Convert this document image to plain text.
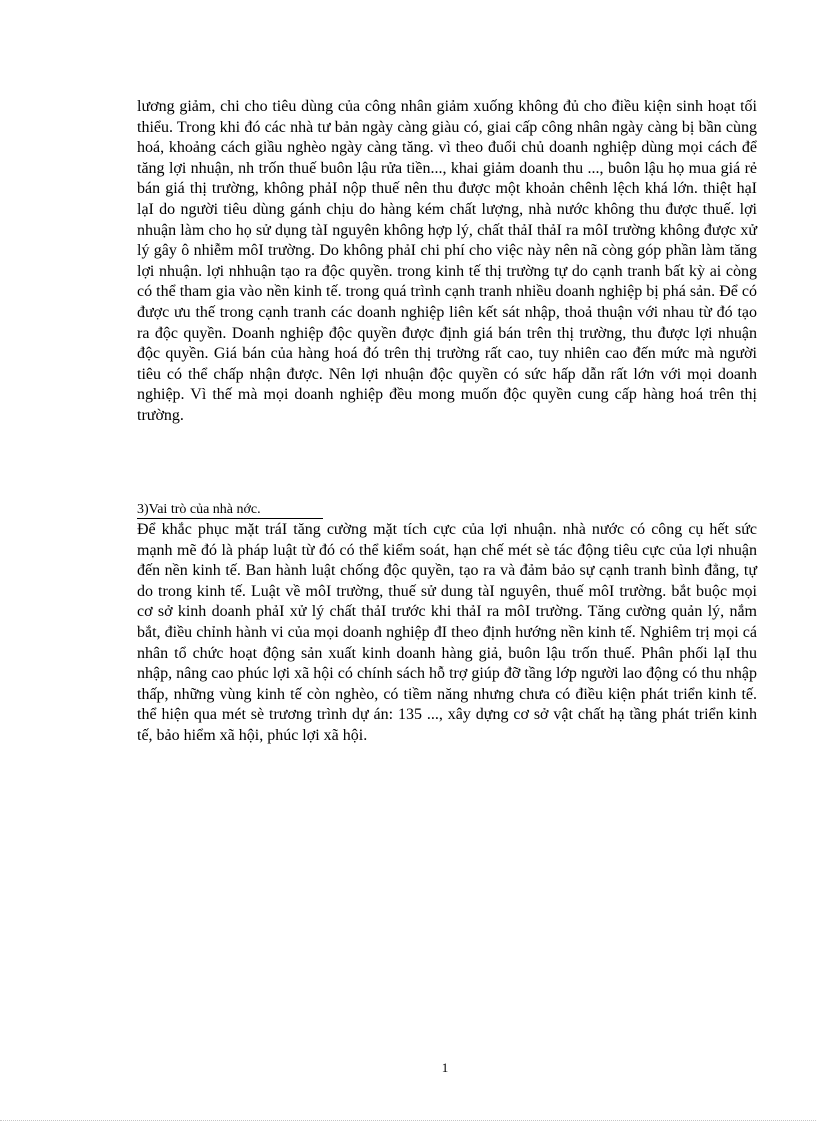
lương giảm, chi cho tiêu dùng của công nhân giảm xuống không đủ cho điều kiện sinh hoạt tối thiểu. Trong khi đó các nhà tư bản ngày càng giàu có, giai cấp công nhân ngày càng bị bần cùng hoá, khoảng cách giầu nghèo ngày càng tăng. vì theo đuổi chủ doanh nghiệp dùng mọi cách để tăng lợi nhuận, nh trốn thuế buôn lậu rửa tiền..., khai giảm doanh thu ..., buôn lậu họ mua giá rẻ bán giá thị trường, không phảI nộp thuế nên thu được một khoản chênh lệch khá lớn. thiệt hạI lạI do người tiêu dùng gánh chịu do hàng kém chất lượng, nhà nước không thu được thuế. lợi nhuận làm cho họ sử dụng tàI nguyên không hợp lý, chất thảI thảI ra môI trường không được xử lý gây ô nhiễm môI trường. Do không phảI chi phí cho việc này nên nã còng góp phần làm tăng lợi nhuận. lợi nhhuận tạo ra độc quyền. trong kinh tế thị trường tự do cạnh tranh bất kỳ ai còng có thể tham gia vào nền kinh tế. trong quá trình cạnh tranh nhiều doanh nghiệp bị phá sản. Để có được ưu thế trong cạnh tranh các doanh nghiệp liên kết sát nhập, thoả thuận với nhau từ đó tạo ra độc quyền. Doanh nghiệp độc quyền được định giá bán trên thị trường, thu được lợi nhuận độc quyền. Giá bán của hàng hoá đó trên thị trường rất cao, tuy nhiên cao đến mức mà người tiêu có thể chấp nhận được. Nên lợi nhuận độc quyền có sức hấp dẫn rất lớn với mọi doanh nghiệp. Vì thế mà mọi doanh nghiệp đều mong muốn độc quyền cung cấp hàng hoá trên thị trường.

3)Vai trò của nhà nớc.

Để khắc phục mặt tráI tăng cường mặt tích cực của lợi nhuận. nhà nước có công cụ hết sức mạnh mẽ đó là pháp luật từ đó có thể kiểm soát, hạn chế mét sè tác động tiêu cực của lợi nhuận đến nền kinh tế. Ban hành luật chống độc quyền, tạo ra và đảm bảo sự cạnh tranh bình đẳng, tự do trong kinh tế. Luật về môI trường, thuế sử dung tàI nguyên, thuế môI trường. bắt buộc mọi cơ sở kinh doanh phảI xử lý chất thảI trước khi thảI ra môI trường. Tăng cường quản lý, nắm bắt, điều chỉnh hành vi của mọi doanh nghiệp đI theo định hướng nền kinh tế. Nghiêm trị mọi cá nhân tổ chức hoạt động sản xuất kinh doanh hàng giả, buôn lậu trốn thuế. Phân phối lạI thu nhập, nâng cao phúc lợi xã hội có chính sách hỗ trợ giúp đỡ tầng lớp người lao động có thu nhập thấp, những vùng kinh tế còn nghèo, có tiềm năng nhưng chưa có điều kiện phát triển kinh tế. thể hiện qua mét sè trương trình dự án: 135 ..., xây dựng cơ sở vật chất hạ tầng phát triển kinh tế, bảo hiểm xã hội, phúc lợi xã hội.

1
